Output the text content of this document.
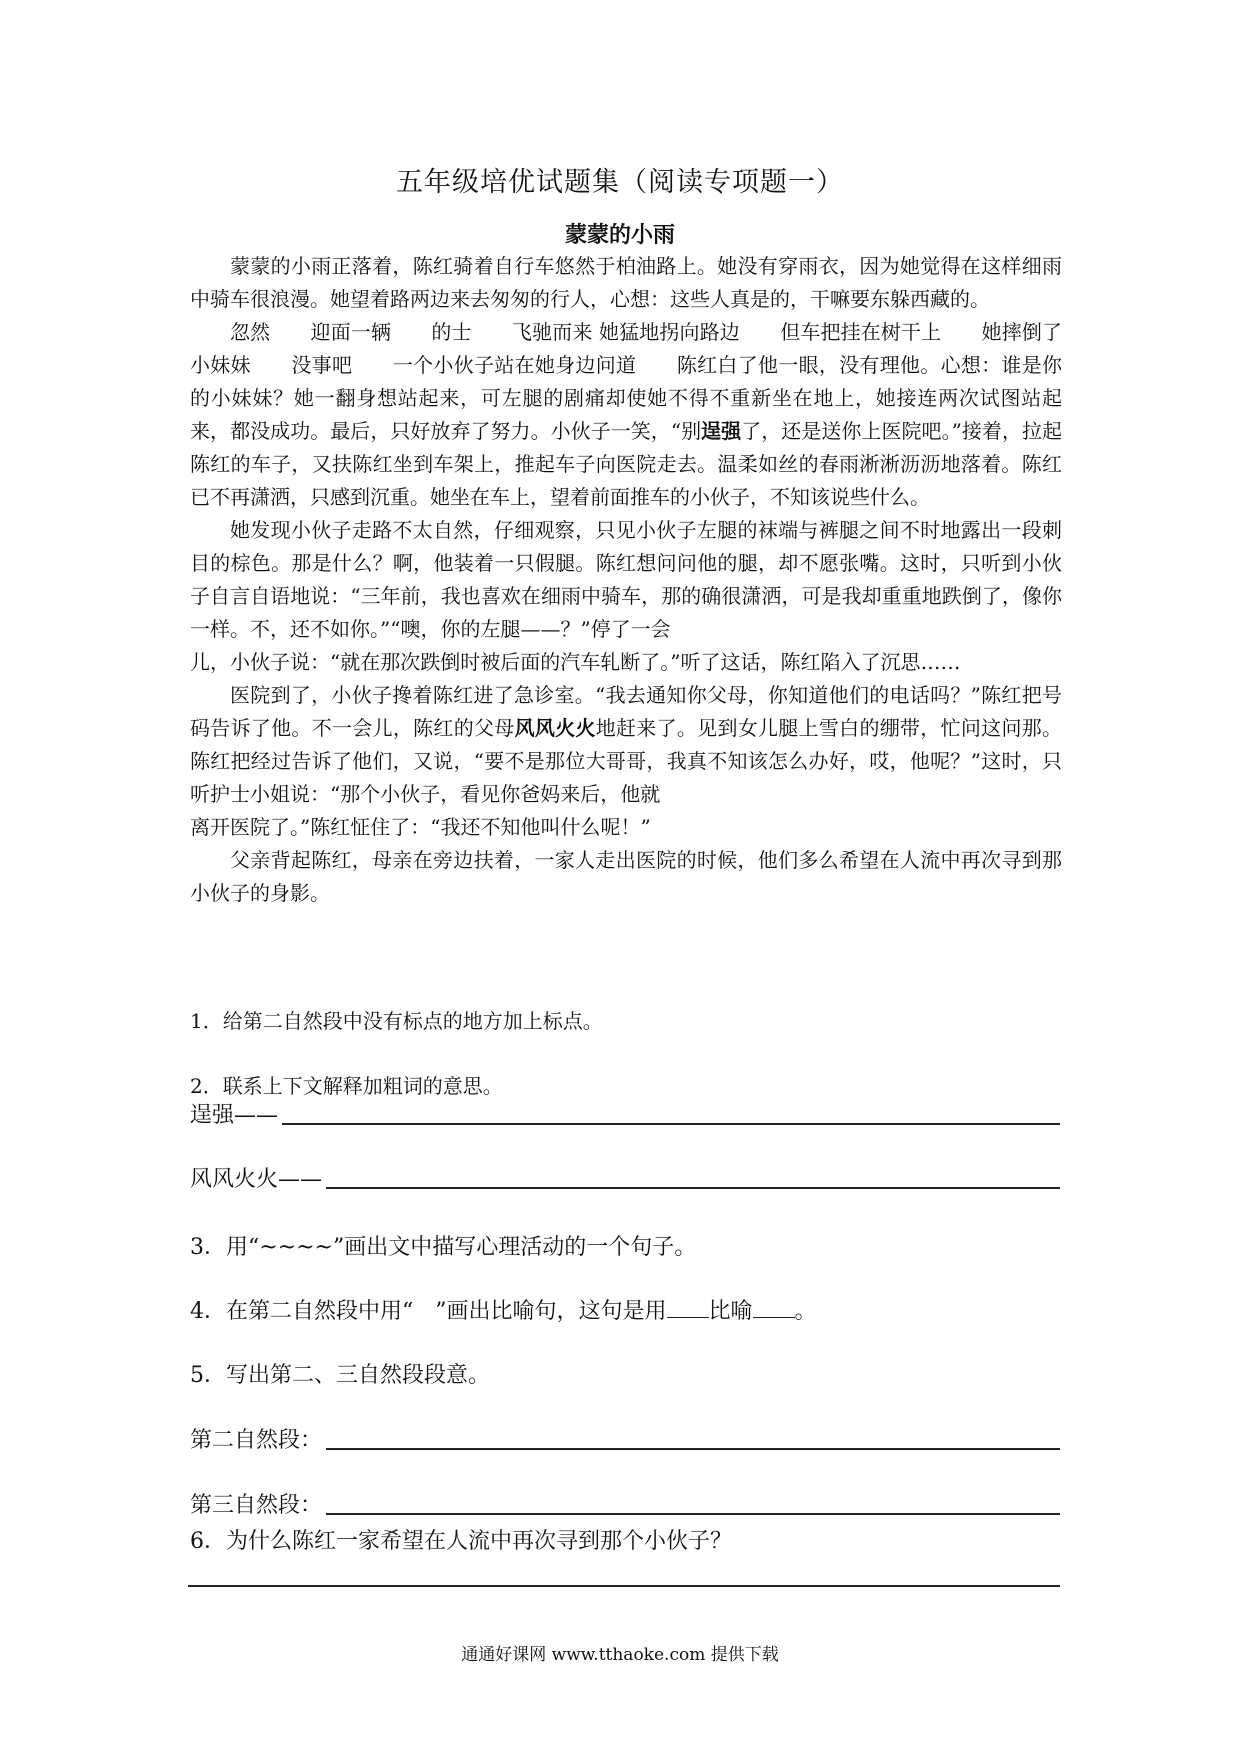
五年级培优试题集（阅读专项题一）
蒙蒙的小雨

蒙蒙的小雨正落着，陈红骑着自行车悠然于柏油路上。她没有穿雨衣，因为她觉得在这样细雨中骑车很浪漫。她望着路两边来去匆匆的行人，心想：这些人真是的，干嘛要东躲西藏的。

忽然　　迎面一辆　　的士　　飞驰而来 她猛地拐向路边　　但车把挂在树干上　　她摔倒了　　小妹妹　　没事吧　　一个小伙子站在她身边问道　　陈红白了他一眼，没有理他。心想：谁是你的小妹妹？她一翻身想站起来，可左腿的剧痛却使她不得不重新坐在地上，她接连两次试图站起来，都没成功。最后，只好放弃了努力。小伙子一笑，“别逞强了，还是送你上医院吧。”接着，拉起陈红的车子，又扶陈红坐到车架上，推起车子向医院走去。温柔如丝的春雨淅淅沥沥地落着。陈红已不再潇洒，只感到沉重。她坐在车上，望着前面推车的小伙子，不知该说些什么。

她发现小伙子走路不太自然，仔细观察，只见小伙子左腿的袜端与裤腿之间不时地露出一段刺目的棕色。那是什么？啊，他装着一只假腿。陈红想问问他的腿，却不愿张嘴。这时，只听到小伙子自言自语地说：“三年前，我也喜欢在细雨中骑车，那的确很潇洒，可是我却重重地跌倒了，像你一样。不，还不如你。”“噢，你的左腿——？”停了一会

儿，小伙子说：“就在那次跌倒时被后面的汽车轧断了。”听了这话，陈红陷入了沉思……

医院到了，小伙子搀着陈红进了急诊室。“我去通知你父母，你知道他们的电话吗？”陈红把号码告诉了他。不一会儿，陈红的父母风风火火地赶来了。见到女儿腿上雪白的绷带，忙问这问那。陈红把经过告诉了他们，又说，“要不是那位大哥哥，我真不知该怎么办好，哎，他呢？”这时，只听护士小姐说：“那个小伙子，看见你爸妈来后，他就

离开医院了。”陈红怔住了：“我还不知他叫什么呢！”

父亲背起陈红，母亲在旁边扶着，一家人走出医院的时候，他们多么希望在人流中再次寻到那小伙子的身影。

1．给第二自然段中没有标点的地方加上标点。
2．联系上下文解释加粗词的意思。
逞强——
风风火火——
3．用“~~~~”画出文中描写心理活动的一个句子。
4．在第二自然段中用“　”画出比喻句，这句是用 比喻 。
5．写出第二、三自然段段意。
第二自然段：
第三自然段：
6．为什么陈红一家希望在人流中再次寻到那个小伙子？
通通好课网 www.tthaoke.com 提供下载
